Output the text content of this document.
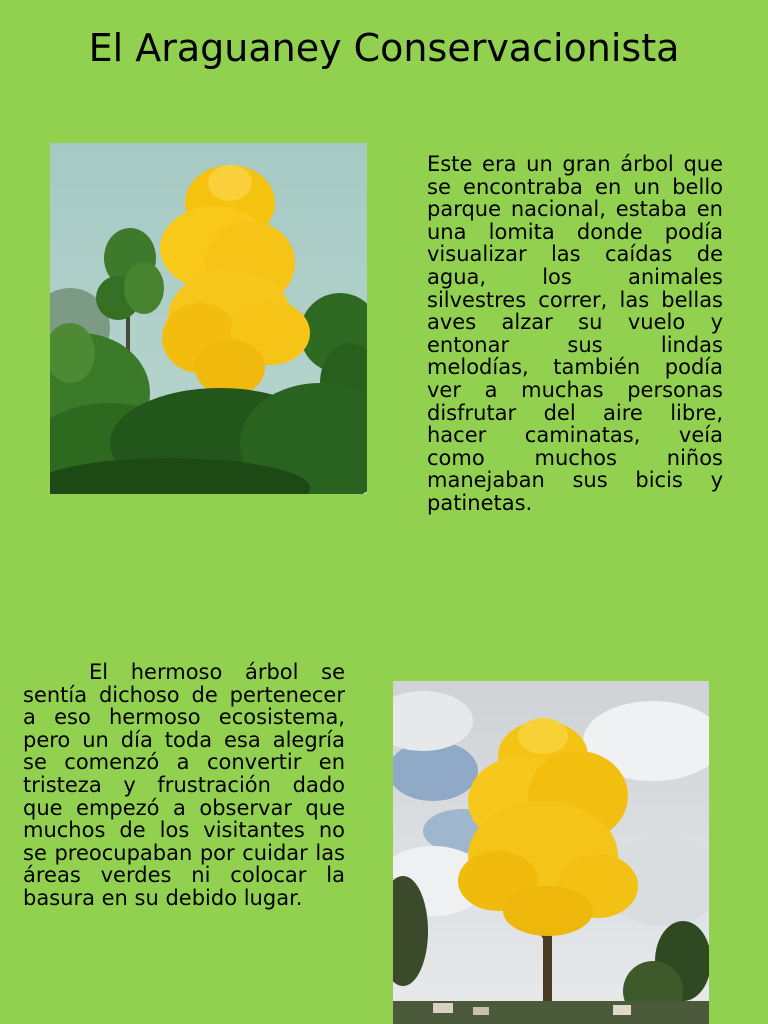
El Araguaney Conservacionista

Este era un gran árbol que se encontraba en un bello parque nacional, estaba en una lomita donde podía visualizar las caídas de agua, los animales silvestres correr, las bellas aves alzar su vuelo y entonar sus lindas melodías, también podía ver a muchas personas disfrutar del aire libre, hacer caminatas, veía como muchos niños manejaban sus bicis y patinetas.

El hermoso árbol se sentía dichoso de pertenecer a eso hermoso ecosistema, pero un día toda esa alegría se comenzó a convertir en tristeza y frustración dado que empezó a observar que muchos de los visitantes no se preocupaban por cuidar las áreas verdes ni colocar la basura en su debido lugar.
